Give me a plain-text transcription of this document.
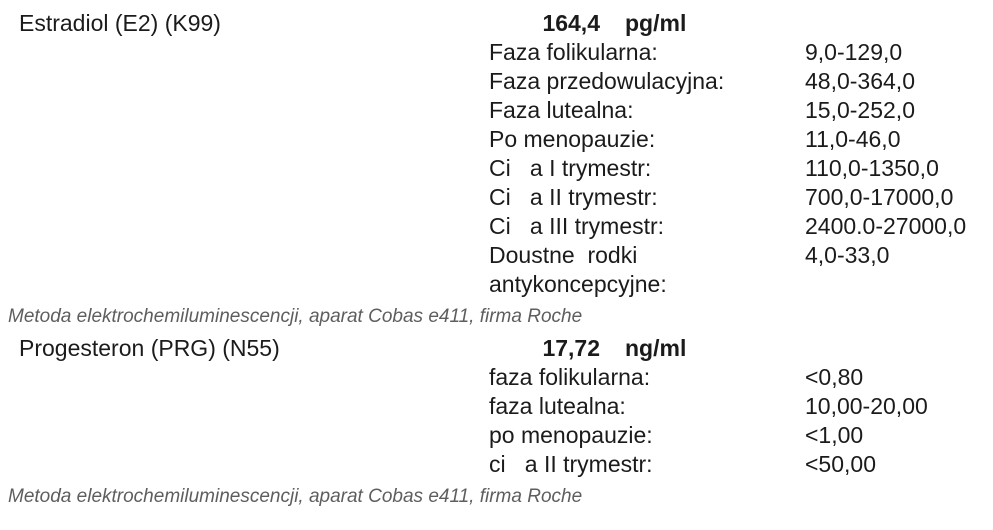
Estradiol (E2) (K99)	164,4	pg/ml
Faza folikularna:	9,0-129,0
Faza przedowulacyjna:	48,0-364,0
Faza lutealna:	15,0-252,0
Po menopauzie:	11,0-46,0
Ci   a I trymestr:	110,0-1350,0
Ci   a II trymestr:	700,0-17000,0
Ci   a III trymestr:	2400.0-27000,0
Doustne  rodki	4,0-33,0
antykoncepcyjne:
Metoda elektrochemiluminescencji, aparat Cobas e411, firma Roche
Progesteron (PRG) (N55)	17,72	ng/ml
faza folikularna:	<0,80
faza lutealna:	10,00-20,00
po menopauzie:	<1,00
ci   a II trymestr:	<50,00
Metoda elektrochemiluminescencji, aparat Cobas e411, firma Roche
